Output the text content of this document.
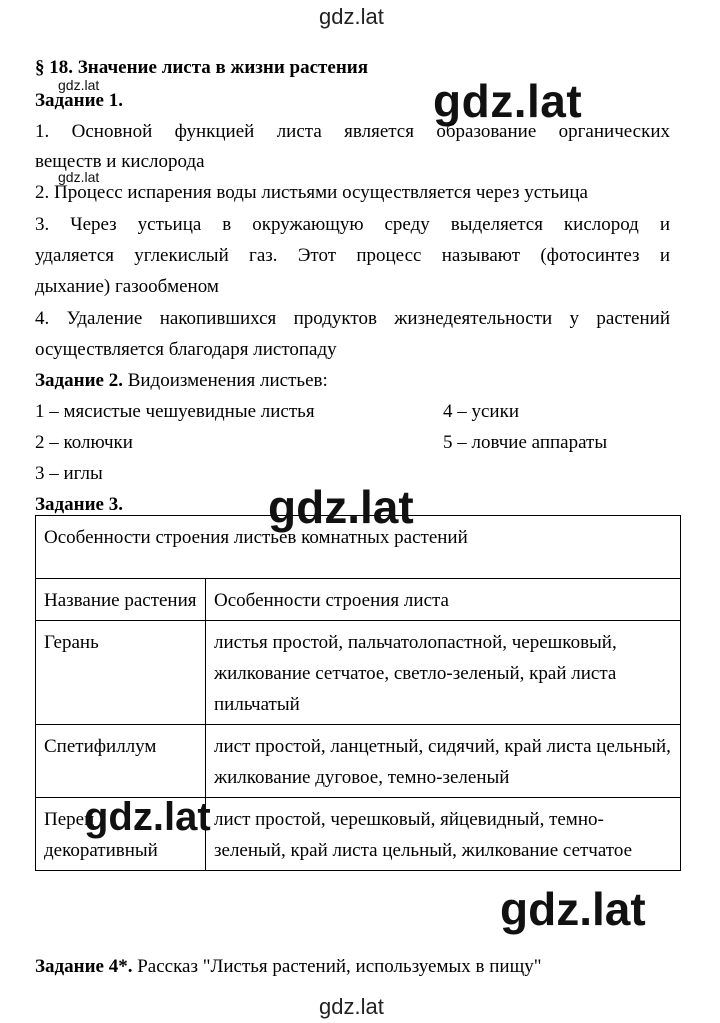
gdz.lat
§ 18. Значение листа в жизни растения
Задание 1.
gdz.lat	gdz.lat
1. Основной функцией листа является образование органических
веществ и кислорода
2. Процесс испарения воды листьями осуществляется через устьица
gdz.lat
3. Через устьица в окружающую среду выделяется кислород и
удаляется углекислый газ. Этот процесс называют (фотосинтез и
дыхание) газообменом
4. Удаление накопившихся продуктов жизнедеятельности у растений
осуществляется благодаря листопаду
Задание 2. Видоизменения листьев:
1 – мясистые чешуевидные листья
2 – колючки
3 – иглы
4 – усики
5 – ловчие аппараты
Задание 3.
Особенности строения листьев комнатных растений	
Название растения	Особенности строения листа
Герань	листья простой, пальчатолопастной, черешковый, жилкование сетчатое, светло-зеленый, край листа пильчатый
Спетифиллум	лист простой, ланцетный, сидячий, край листа цельный, жилкование дуговое, темно-зеленый
Перец декоративный	лист простой, черешковый, яйцевидный, темно-зеленый, край листа цельный, жилкование сетчатое
gdz.lat
gdz.lat
gdz.lat
Задание 4*. Рассказ "Листья растений, используемых в пищу"
gdz.lat
